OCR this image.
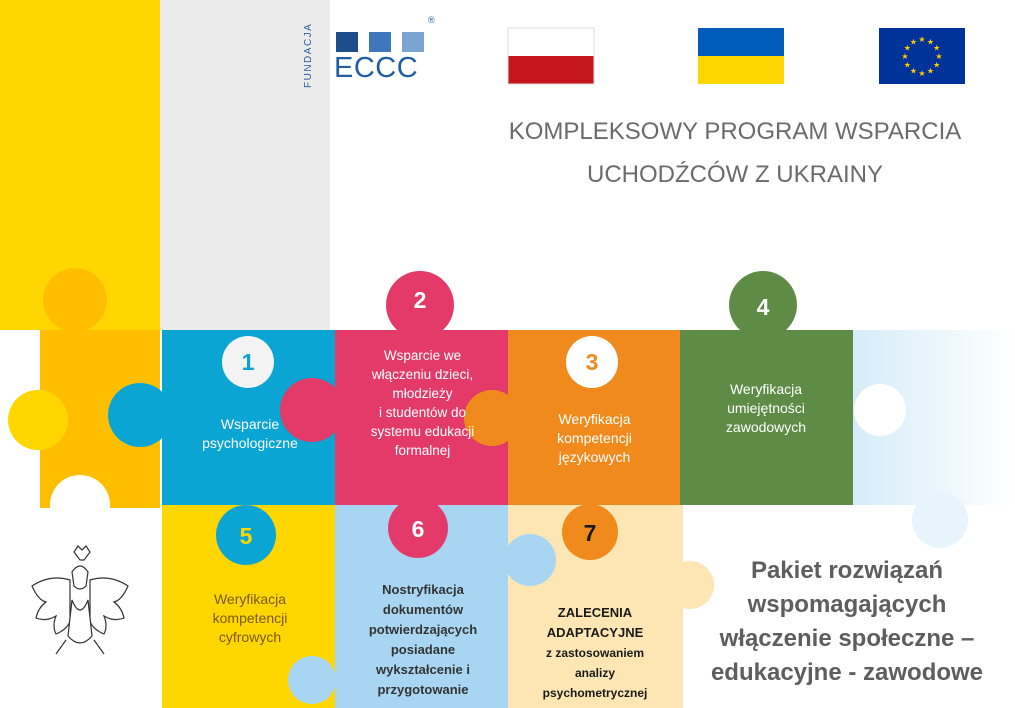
★ ★
★
★
★
★
★
★
★
★
★
★
FUNDACJA ECCC
®
KOMPLEKSOWY PROGRAM WSPARCIA
UCHODŹCÓW Z UKRAINY
1
2
3
4
5	6	7
Wsparcie
psychologiczne
Wsparcie we
włączeniu dzieci,
młodzieży
i studentów do
systemu edukacji
formalnej
Weryfikacja
kompetencji
językowych
Weryfikacja
umiejętności
zawodowych
Weryfikacja
kompetencji
cyfrowych
Nostryfikacja
dokumentów
potwierdzających
posiadane
wykształcenie i
przygotowanie
ZALECENIA
ADAPTACYJNE
z zastosowaniem
analizy
psychometrycznej
Pakiet rozwiązań
wspomagających
włączenie społeczne –
edukacyjne - zawodowe
